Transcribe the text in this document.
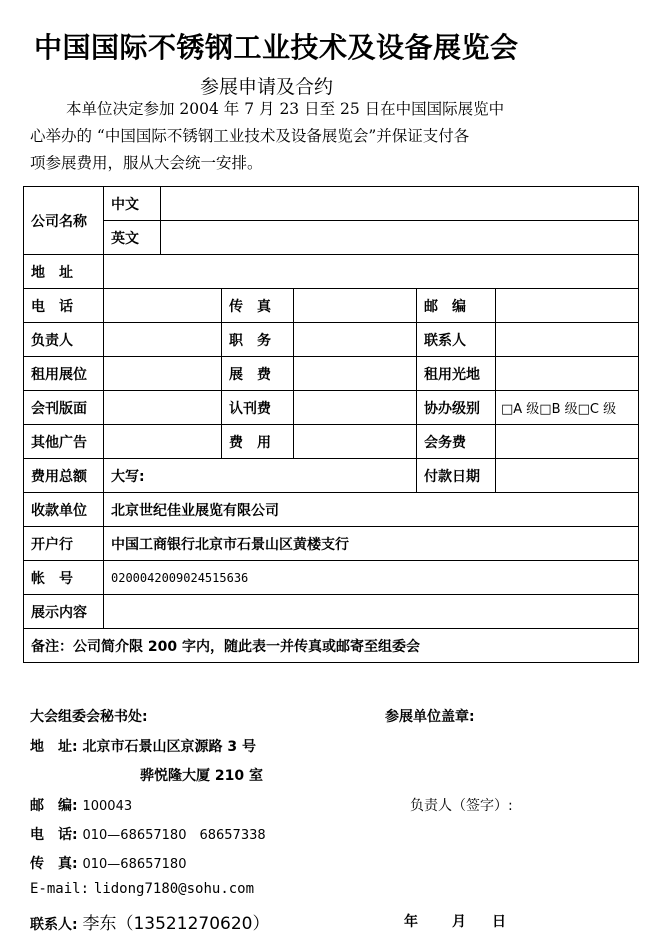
中国国际不锈钢工业技术及设备展览会
参展申请及合约
本单位决定参加 2004 年 7 月 23 日至 25 日在中国国际展览中
心举办的 “中国国际不锈钢工业技术及设备展览会”并保证支付各
项参展费用，服从大会统一安排。
公司名称	中文					
	英文					
地　址						
电　话			传　真		邮　编	
负责人			职　务		联系人	
租用展位			展　费		租用光地	
会刊版面			认刊费		协办级别	□A 级□B 级□C 级
其他广告			费　用		会务费	
费用总额	大写:				付款日期	
收款单位	北京世纪佳业展览有限公司					
开户行	中国工商银行北京市石景山区黄楼支行					
帐　号	0200042009024515636					
展示内容						
备注：公司简介限 200 字内，随此表一并传真或邮寄至组委会						
大会组委会秘书处:	参展单位盖章:
地　址: 北京市石景山区京源路 3 号
骅悦隆大厦 210 室
邮　编: 100043	负责人（签字）:
电　话: 010—68657180　68657338
传　真: 010—68657180
E-mail: lidong7180@sohu.com
联系人: 李东（13521270620）	年 月 日
